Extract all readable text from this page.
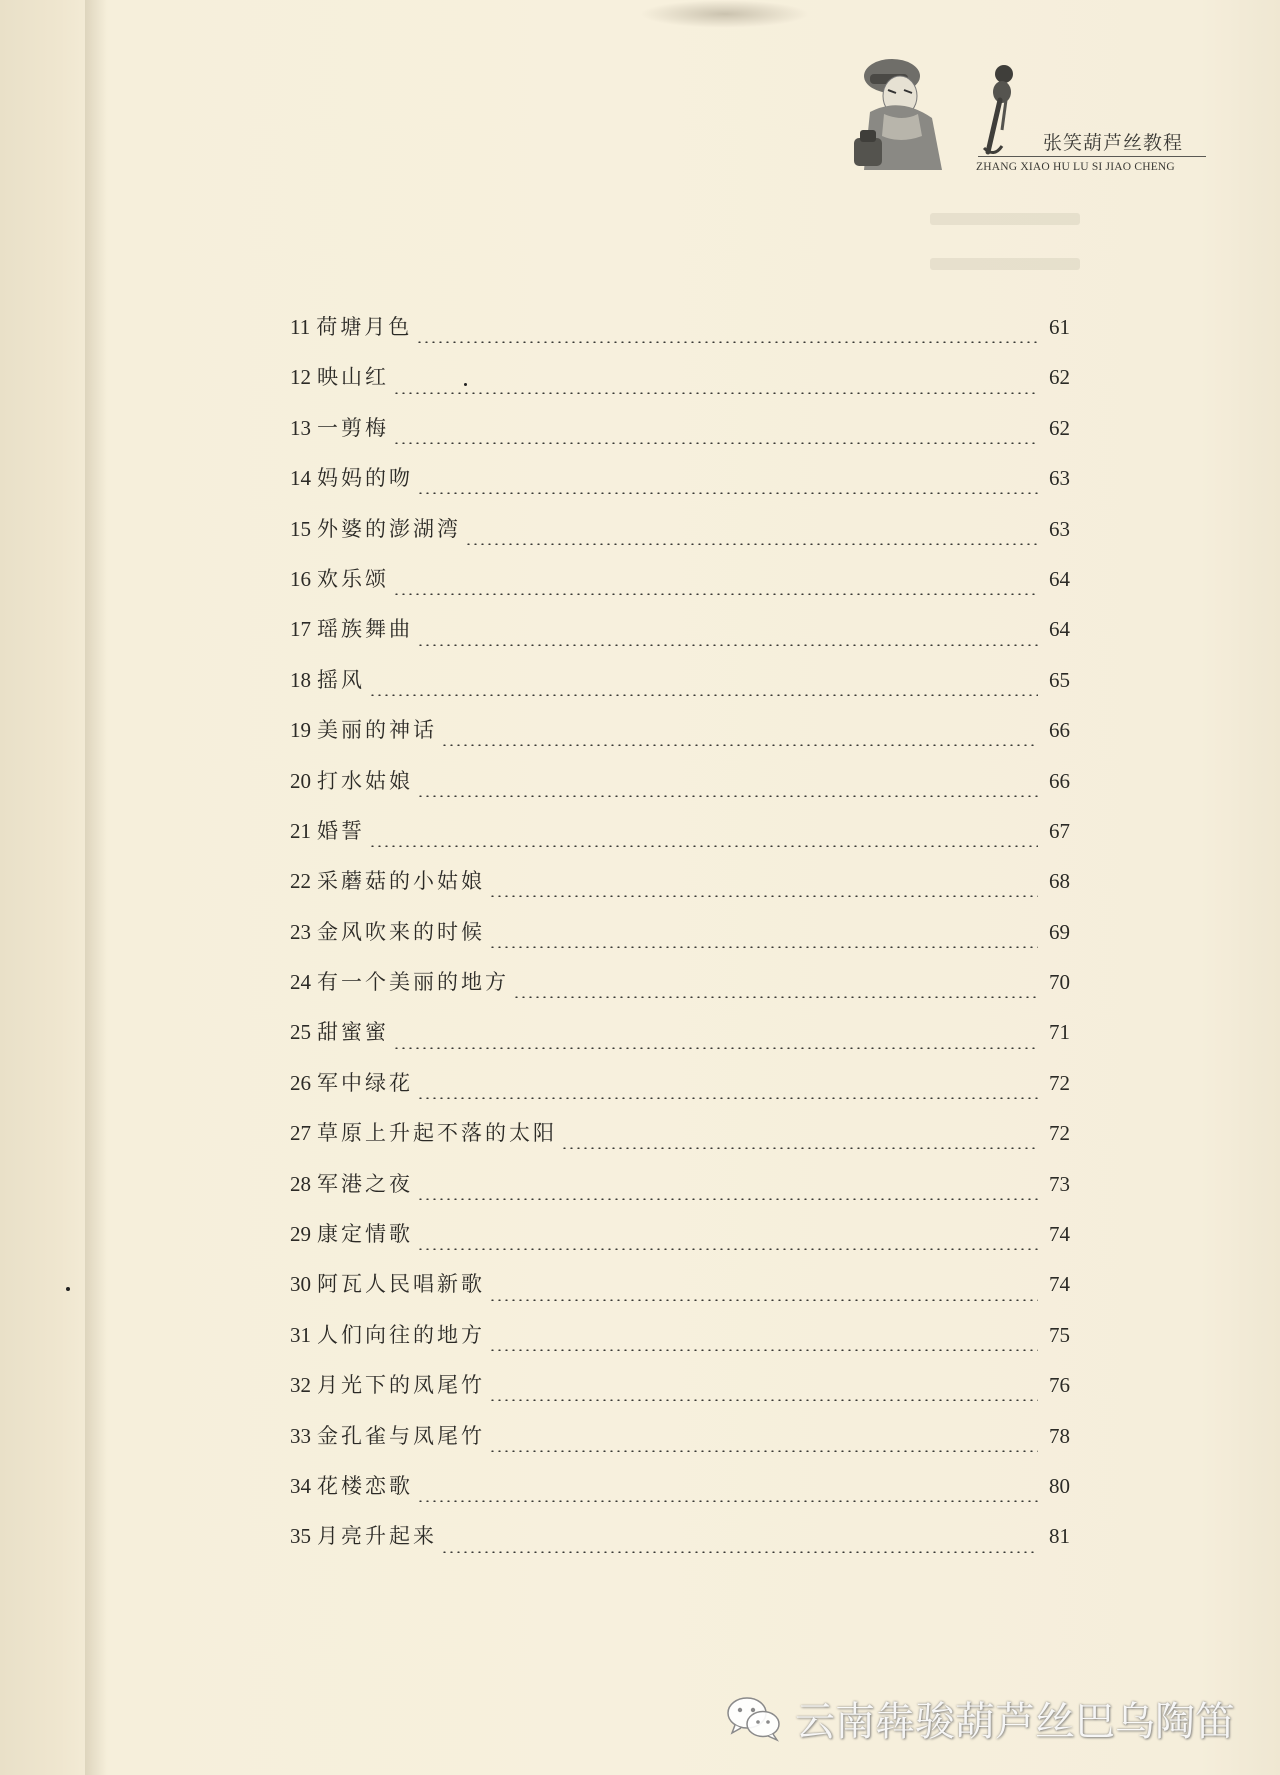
张笑葫芦丝教程
ZHANG XIAO HU LU SI JIAO CHENG
11 荷塘月色	61
12 映山红	62
13 一剪梅	62
14 妈妈的吻	63
15 外婆的澎湖湾	63
16 欢乐颂	64
17 瑶族舞曲	64
18 摇风	65
19 美丽的神话	66
20 打水姑娘	66
21 婚誓	67
22 采蘑菇的小姑娘	68
23 金风吹来的时候	69
24 有一个美丽的地方	70
25 甜蜜蜜	71
26 军中绿花	72
27 草原上升起不落的太阳	72
28 军港之夜	73
29 康定情歌	74
30 阿瓦人民唱新歌	74
31 人们向往的地方	75
32 月光下的凤尾竹	76
33 金孔雀与凤尾竹	78
34 花楼恋歌	80
35 月亮升起来	81
云南犇骏葫芦丝巴乌陶笛
